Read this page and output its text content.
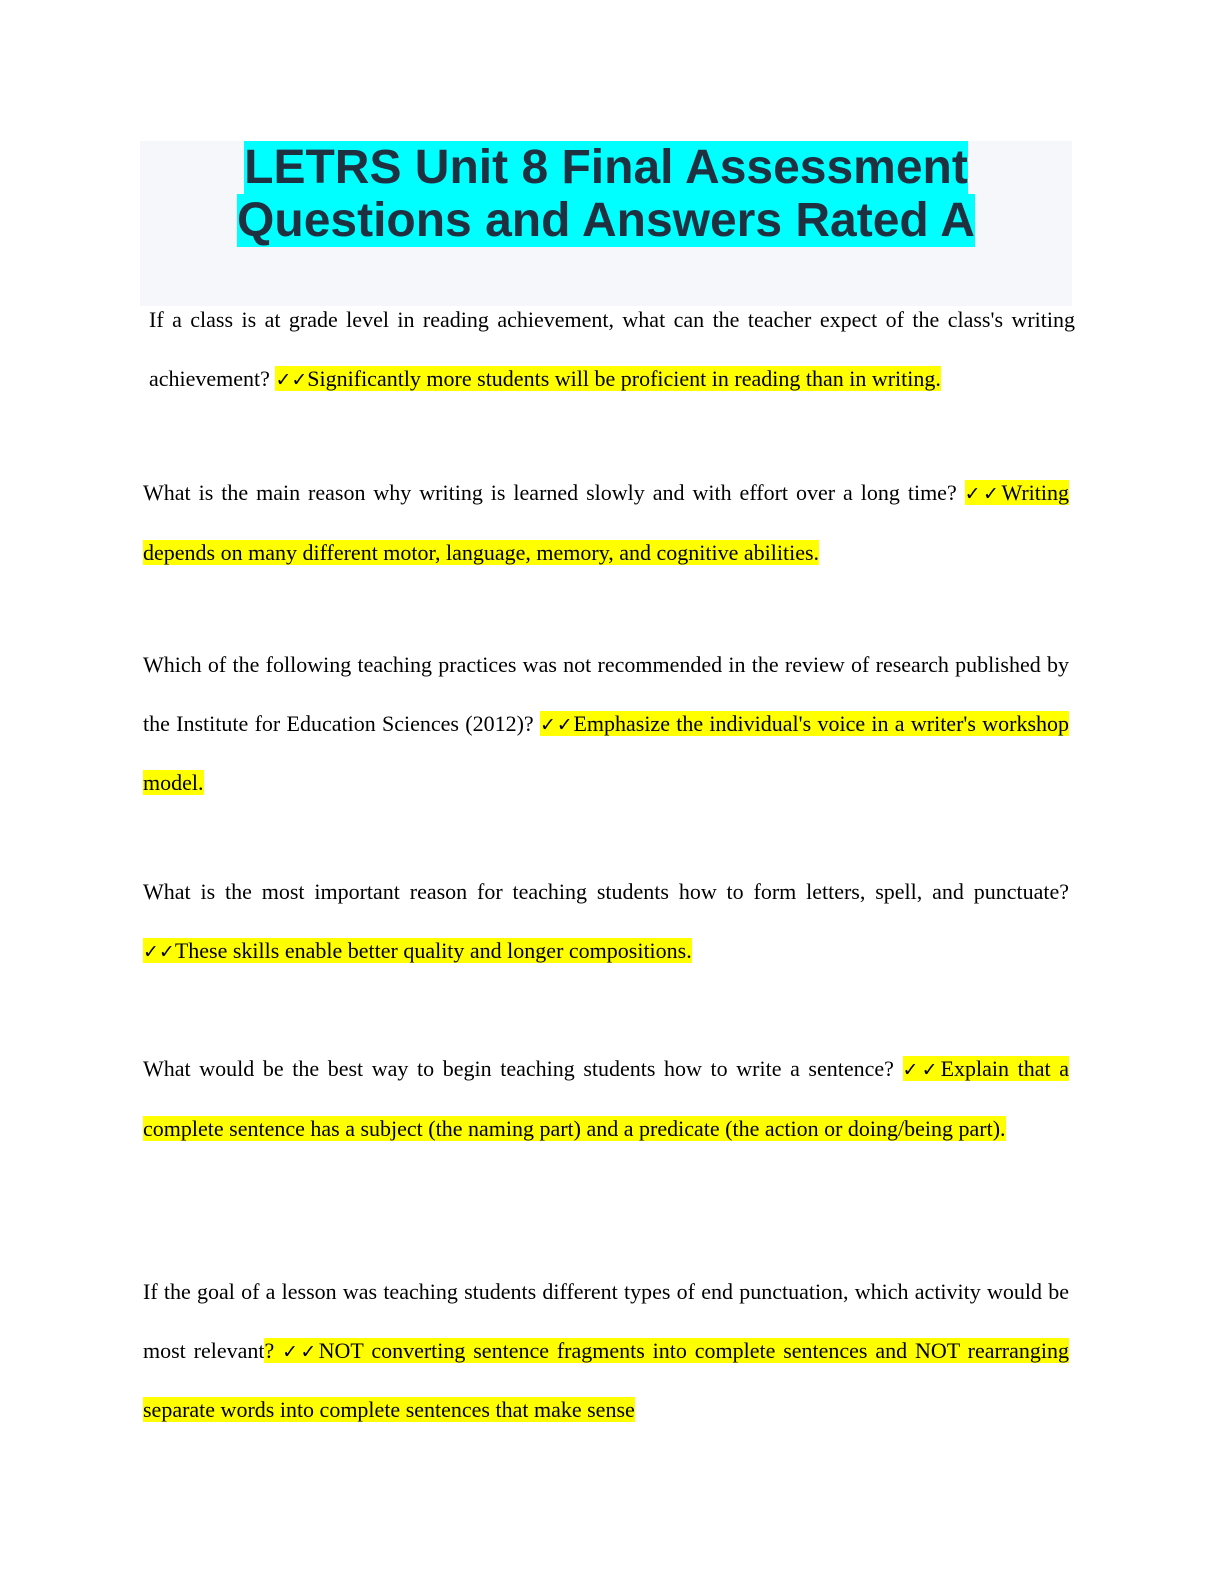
LETRS Unit 8 Final Assessment
Questions and Answers Rated A
If a class is at grade level in reading achievement, what can the teacher expect of the class's writing achievement? ✓✓Significantly more students will be proficient in reading than in writing.
What is the main reason why writing is learned slowly and with effort over a long time? ✓✓Writing depends on many different motor, language, memory, and cognitive abilities.
Which of the following teaching practices was not recommended in the review of research published by the Institute for Education Sciences (2012)? ✓✓Emphasize the individual's voice in a writer's workshop model.
What is the most important reason for teaching students how to form letters, spell, and punctuate? ✓✓These skills enable better quality and longer compositions.
What would be the best way to begin teaching students how to write a sentence? ✓✓Explain that a complete sentence has a subject (the naming part) and a predicate (the action or doing/being part).
If the goal of a lesson was teaching students different types of end punctuation, which activity would be most relevant? ✓✓NOT converting sentence fragments into complete sentences and NOT rearranging separate words into complete sentences that make sense
